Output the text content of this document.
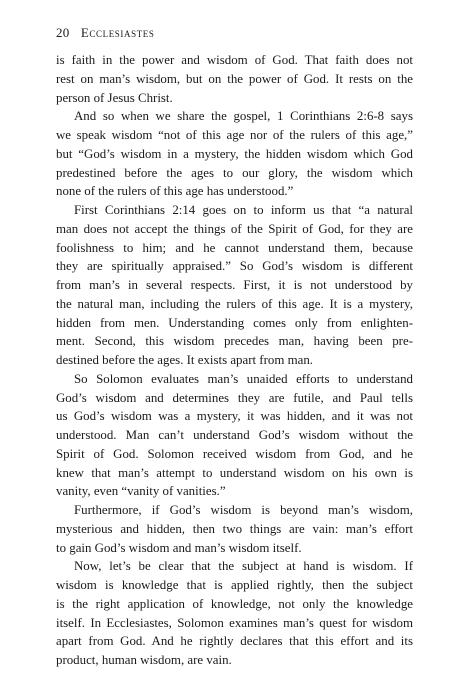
20 Ecclesiastes
is faith in the power and wisdom of God. That faith does not
rest on man’s wisdom, but on the power of God. It rests on the
person of Jesus Christ.
And so when we share the gospel, 1 Corinthians 2:6-8 says
we speak wisdom “not of this age nor of the rulers of this age,”
but “God’s wisdom in a mystery, the hidden wisdom which God
predestined before the ages to our glory, the wisdom which
none of the rulers of this age has understood.”
First Corinthians 2:14 goes on to inform us that “a natural
man does not accept the things of the Spirit of God, for they are
foolishness to him; and he cannot understand them, because
they are spiritually appraised.” So God’s wisdom is different
from man’s in several respects. First, it is not understood by
the natural man, including the rulers of this age. It is a mystery,
hidden from men. Understanding comes only from enlighten-
ment. Second, this wisdom precedes man, having been pre-
destined before the ages. It exists apart from man.
So Solomon evaluates man’s unaided efforts to understand
God’s wisdom and determines they are futile, and Paul tells
us God’s wisdom was a mystery, it was hidden, and it was not
understood. Man can’t understand God’s wisdom without the
Spirit of God. Solomon received wisdom from God, and he
knew that man’s attempt to understand wisdom on his own is
vanity, even “vanity of vanities.”
Furthermore, if God’s wisdom is beyond man’s wisdom,
mysterious and hidden, then two things are vain: man’s effort
to gain God’s wisdom and man’s wisdom itself.
Now, let’s be clear that the subject at hand is wisdom. If
wisdom is knowledge that is applied rightly, then the subject
is the right application of knowledge, not only the knowledge
itself. In Ecclesiastes, Solomon examines man’s quest for wisdom
apart from God. And he rightly declares that this effort and its
product, human wisdom, are vain.
